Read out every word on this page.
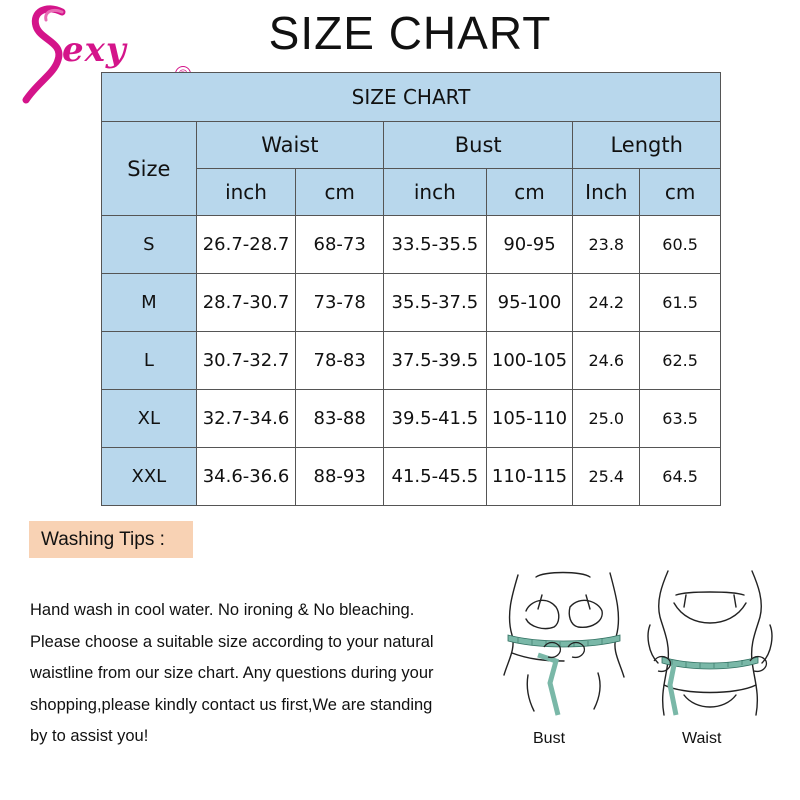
exy	SIZE CHART
SIZE CHART						
Size	Waist		Bust		Length	
	inch	cm	inch	cm	Inch	cm
S	26.7-28.7	68-73	33.5-35.5	90-95	23.8	60.5
M	28.7-30.7	73-78	35.5-37.5	95-100	24.2	61.5
L	30.7-32.7	78-83	37.5-39.5	100-105	24.6	62.5
XL	32.7-34.6	83-88	39.5-41.5	105-110	25.0	63.5
XXL	34.6-36.6	88-93	41.5-45.5	110-115	25.4	64.5
Washing Tips :

Hand wash in cool water. No ironing & No bleaching.

Please choose a suitable size according to your natural

waistline from our size chart. Any questions during your

shopping,please kindly contact us first,We are standing

by to assist you!	Bust	Waist
